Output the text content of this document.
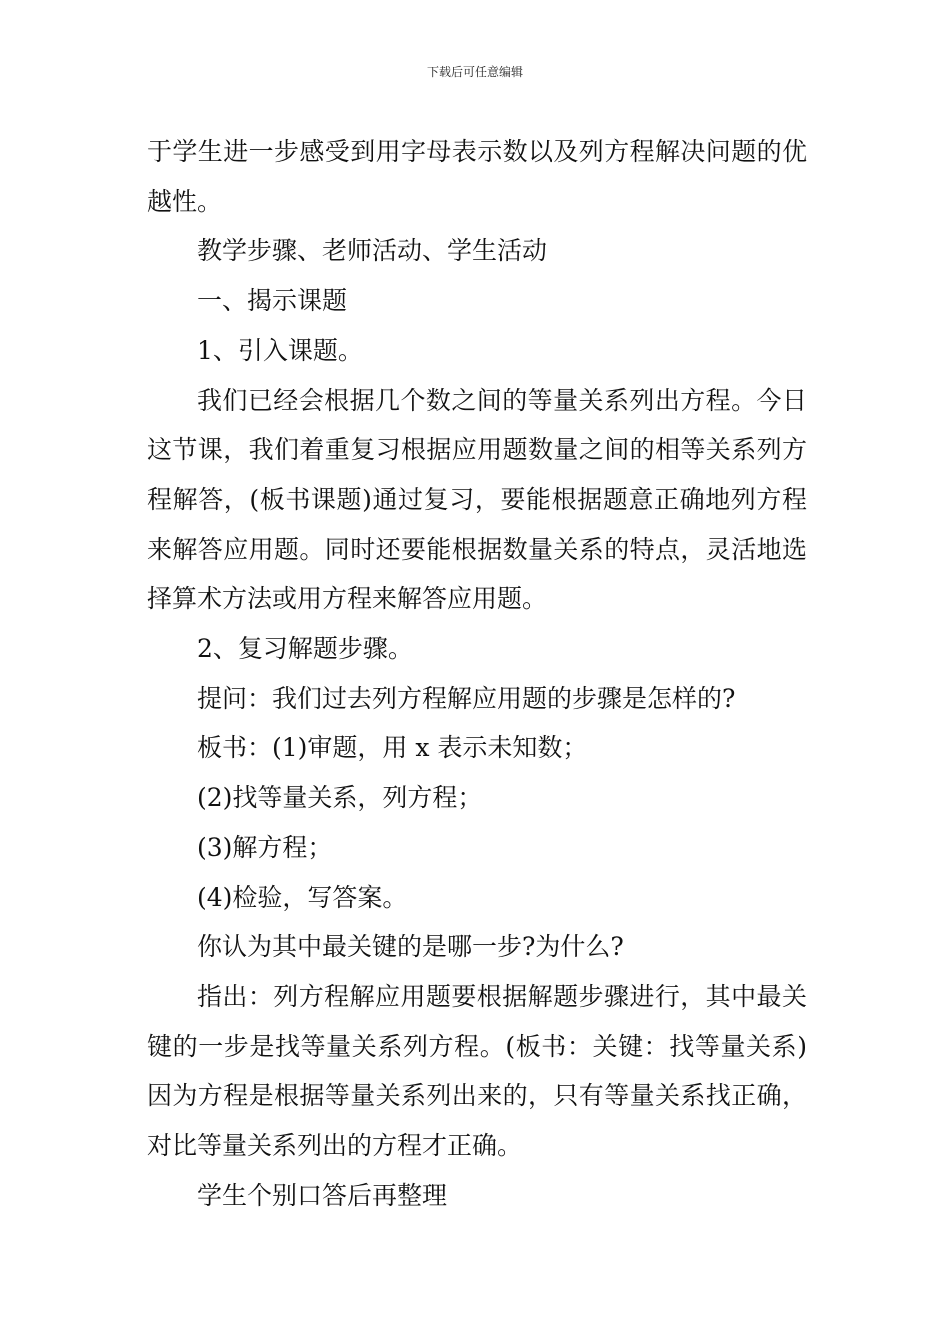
下载后可任意编辑

于学生进一步感受到用字母表示数以及列方程解决问题的优越性。

教学步骤、老师活动、学生活动

一、揭示课题

1、引入课题。

我们已经会根据几个数之间的等量关系列出方程。今日这节课，我们着重复习根据应用题数量之间的相等关系列方程解答，(板书课题)通过复习，要能根据题意正确地列方程来解答应用题。同时还要能根据数量关系的特点，灵活地选择算术方法或用方程来解答应用题。

2、复习解题步骤。

提问：我们过去列方程解应用题的步骤是怎样的?

板书：(1)审题，用 x 表示未知数；

(2)找等量关系，列方程；

(3)解方程；

(4)检验，写答案。

你认为其中最关键的是哪一步?为什么?

指出：列方程解应用题要根据解题步骤进行，其中最关键的一步是找等量关系列方程。(板书：关键：找等量关系)因为方程是根据等量关系列出来的，只有等量关系找正确，对比等量关系列出的方程才正确。

学生个别口答后再整理
